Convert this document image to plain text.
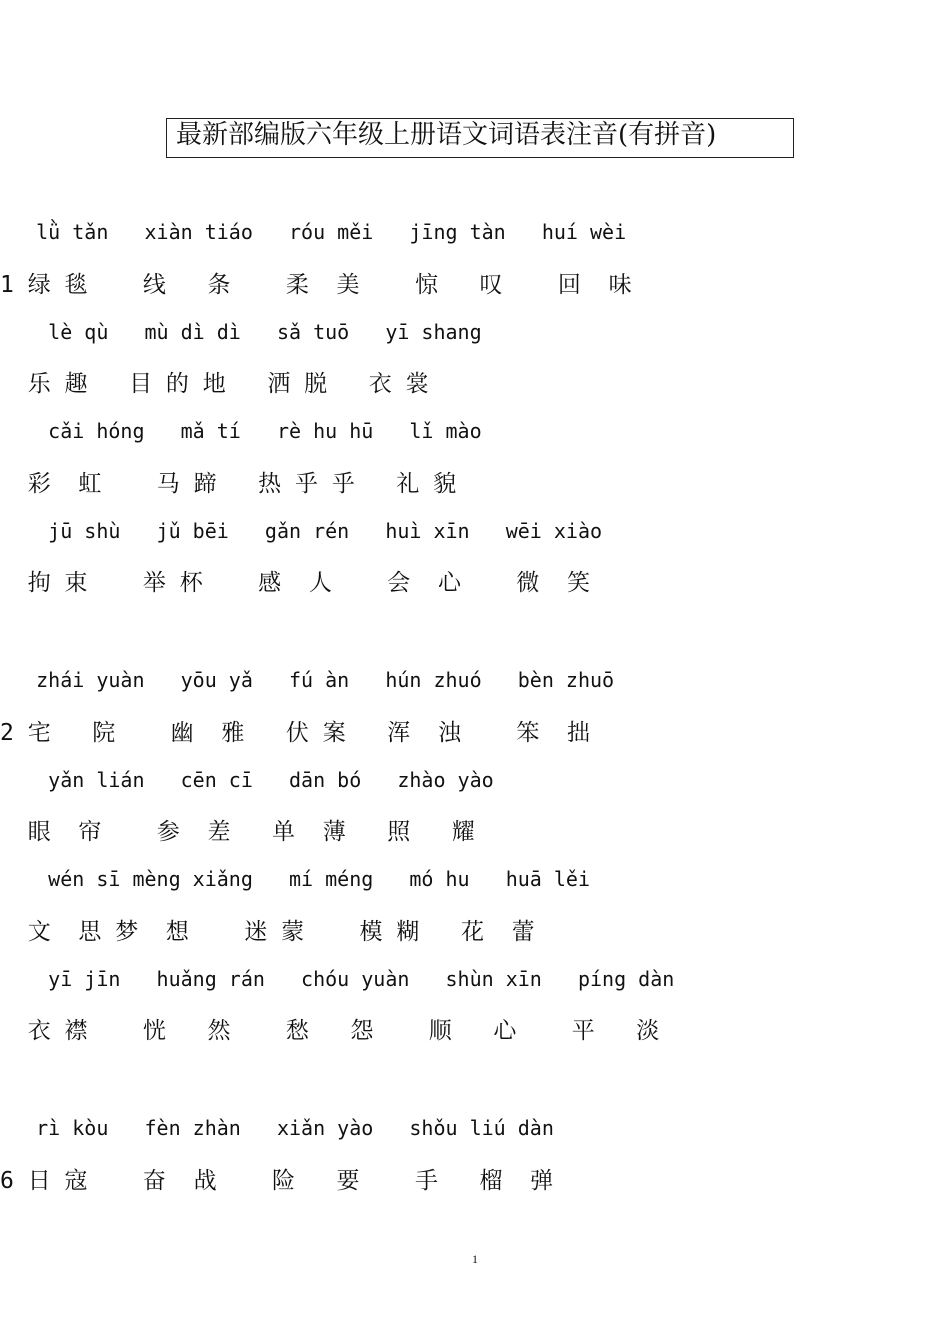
最新部编版六年级上册语文词语表注音(有拼音)
lǜ tǎn   xiàn tiáo   róu měi   jīng tàn   huí wèi
1 绿 毯    线   条    柔  美    惊   叹    回  味
lè qù   mù dì dì   sǎ tuō   yī shang
乐 趣   目 的 地   洒 脱   衣 裳
cǎi hóng   mǎ tí   rè hu hū   lǐ mào
彩  虹    马 蹄   热 乎 乎   礼 貌
jū shù   jǔ bēi   gǎn rén   huì xīn   wēi xiào
拘 束    举 杯    感  人    会  心    微  笑
zhái yuàn   yōu yǎ   fú àn   hún zhuó   bèn zhuō
2 宅   院    幽  雅   伏 案   浑  浊    笨  拙
yǎn lián   cēn cī   dān bó   zhào yào
眼  帘    参  差   单  薄   照   耀
wén sī mèng xiǎng   mí méng   mó hu   huā lěi
文  思 梦  想    迷 蒙    模 糊   花  蕾
yī jīn   huǎng rán   chóu yuàn   shùn xīn   píng dàn
衣 襟    恍   然    愁   怨    顺   心    平   淡
rì kòu   fèn zhàn   xiǎn yào   shǒu liú dàn
6 日 寇    奋  战    险   要    手   榴  弹
1
